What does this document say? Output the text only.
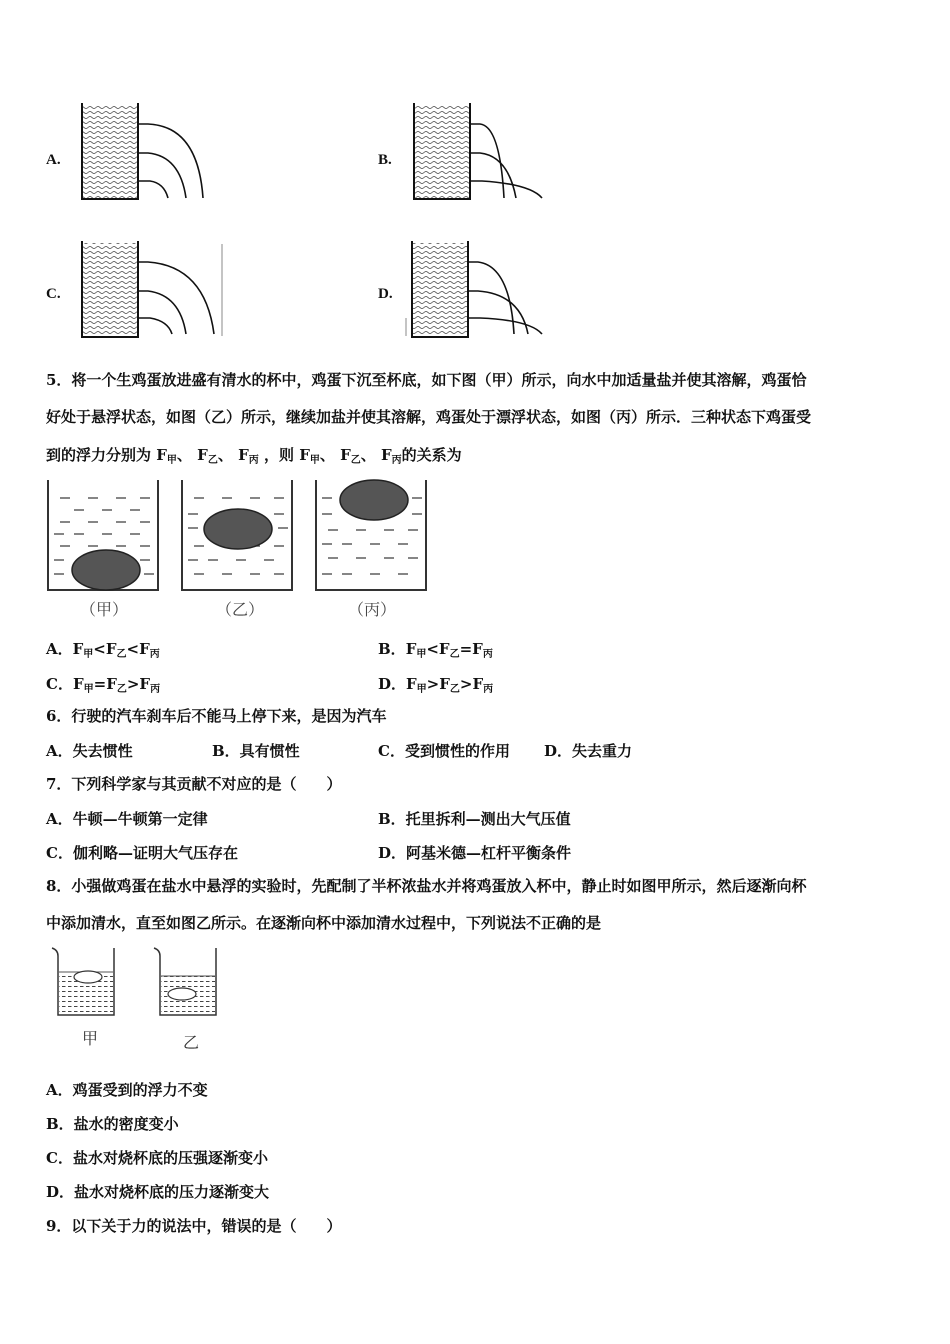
A.	B.
C.	D.
5．将一个生鸡蛋放进盛有清水的杯中，鸡蛋下沉至杯底，如下图（甲）所示，向水中加适量盐并使其溶解，鸡蛋恰
好处于悬浮状态，如图（乙）所示，继续加盐并使其溶解，鸡蛋处于漂浮状态，如图（丙）所示．三种状态下鸡蛋受
到的浮力分别为 $F_甲$、 $F_乙$、 $F_丙$ ，则 $F_甲$、 $F_乙$、 $F_丙$的关系为
（甲）	（乙）	（丙）
A．$F_甲<F_乙<F_丙$	B．$F_甲<F_乙=F_丙$
C．$F_甲=F_乙>F_丙$	D．$F_甲>F_乙>F_丙$
6．行驶的汽车刹车后不能马上停下来，是因为汽车
A．失去惯性	B．具有惯性	C．受到惯性的作用 D．失去重力
7．下列科学家与其贡献不对应的是（　　）
A．牛顿—牛顿第一定律	B．托里拆利—测出大气压值
C．伽利略—证明大气压存在	D．阿基米德—杠杆平衡条件
8．小强做鸡蛋在盐水中悬浮的实验时，先配制了半杯浓盐水并将鸡蛋放入杯中，静止时如图甲所示，然后逐渐向杯
中添加清水，直至如图乙所示。在逐渐向杯中添加清水过程中，下列说法不正确的是
甲	乙
A．鸡蛋受到的浮力不变
B．盐水的密度变小
C．盐水对烧杯底的压强逐渐变小
D．盐水对烧杯底的压力逐渐变大
9．以下关于力的说法中，错误的是（　　）
